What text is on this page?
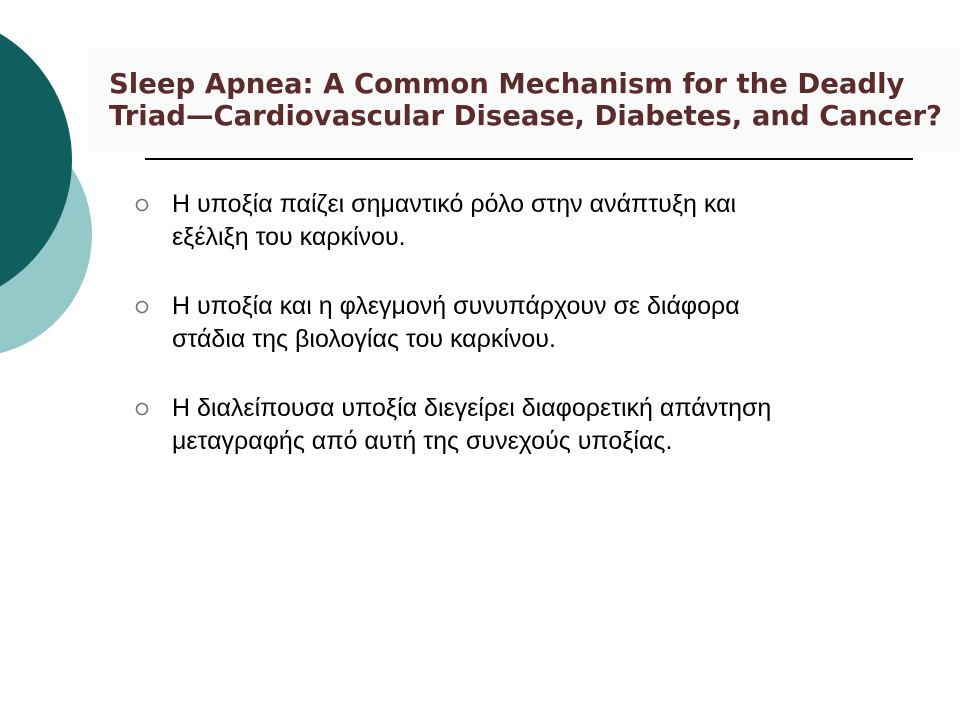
Sleep Apnea: A Common Mechanism for the Deadly
Triad—Cardiovascular Disease, Diabetes, and Cancer?
Η υποξία παίζει σημαντικό ρόλο στην ανάπτυξη και
εξέλιξη του καρκίνου.
Η υποξία και η φλεγμονή συνυπάρχουν σε διάφορα
στάδια της βιολογίας του καρκίνου.
Η διαλείπουσα υποξία διεγείρει διαφορετική απάντηση
μεταγραφής από αυτή της συνεχούς υποξίας.
